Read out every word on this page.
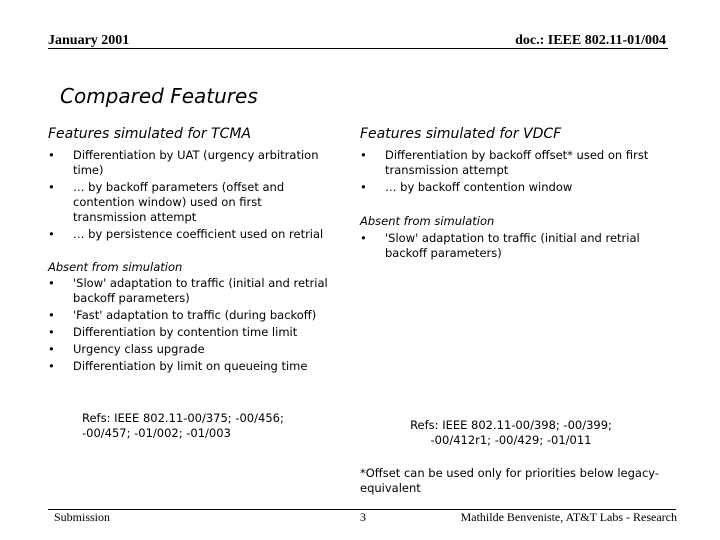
January 2001	doc.: IEEE 802.11-01/004
Compared Features
Features simulated for TCMA
• Differentiation by UAT (urgency arbitration time)
• … by backoff parameters (offset and contention window) used on first transmission attempt
• … by persistence coefficient used on retrial
Absent from simulation
• 'Slow' adaptation to traffic (initial and retrial backoff parameters)
• 'Fast' adaptation to traffic (during backoff)
• Differentiation by contention time limit
• Urgency class upgrade
• Differentiation by limit on queueing time
Features simulated for VDCF
• Differentiation by backoff offset* used on first transmission attempt
• … by backoff contention window
Absent from simulation
• 'Slow' adaptation to traffic (initial and retrial backoff parameters)
Refs: IEEE 802.11-00/375; -00/456; -00/457; -01/002; -01/003
Refs: IEEE 802.11-00/398; -00/399; -00/412r1; -00/429; -01/011
*Offset can be used only for priorities below legacy-equivalent
Submission	3	Mathilde Benveniste, AT&T Labs - Research
